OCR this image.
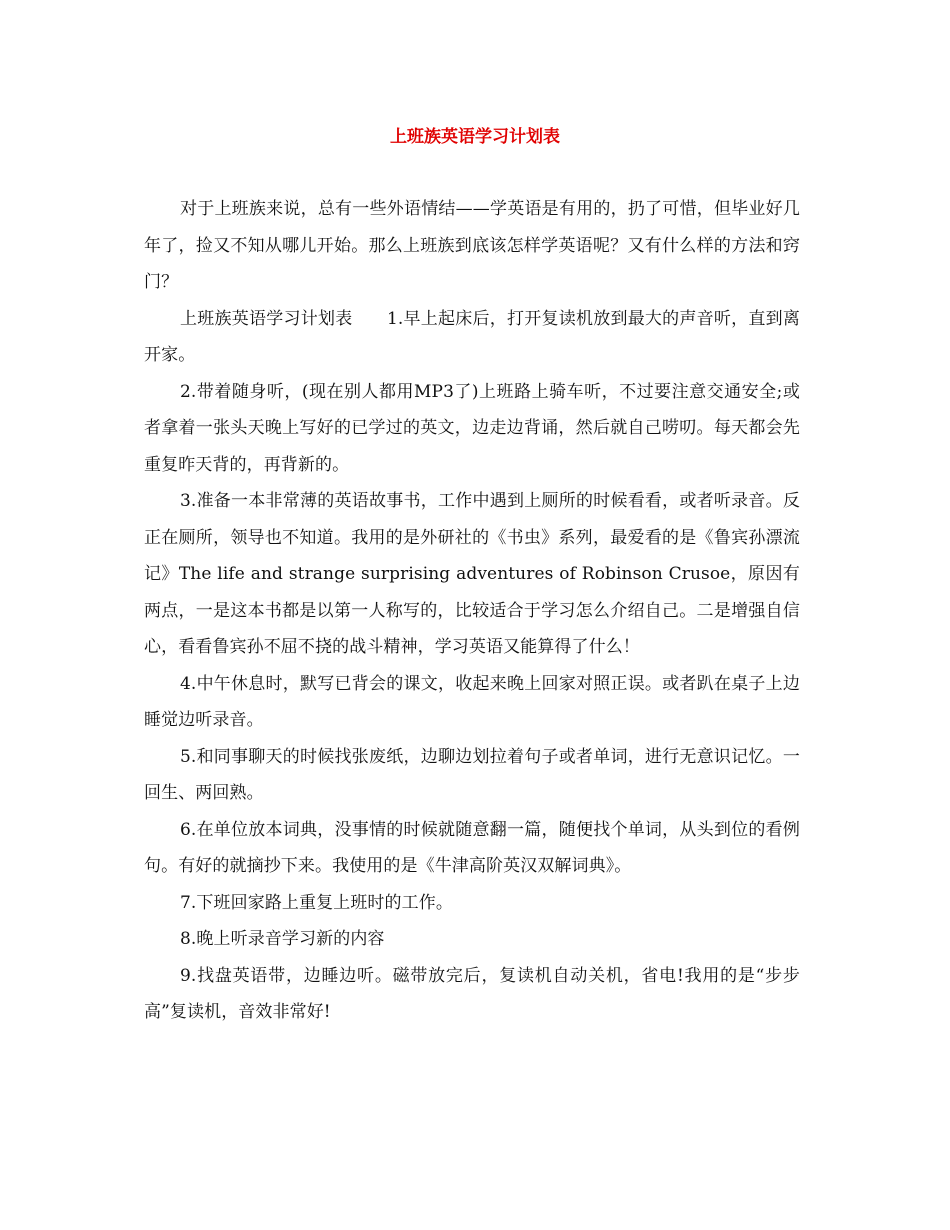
上班族英语学习计划表

对于上班族来说，总有一些外语情结——学英语是有用的，扔了可惜，但毕业好几年了，捡又不知从哪儿开始。那么上班族到底该怎样学英语呢？又有什么样的方法和窍门？

上班族英语学习计划表　　1.早上起床后，打开复读机放到最大的声音听，直到离开家。

2.带着随身听，(现在别人都用MP3了)上班路上骑车听，不过要注意交通安全;或者拿着一张头天晚上写好的已学过的英文，边走边背诵，然后就自己唠叨。每天都会先重复昨天背的，再背新的。

3.准备一本非常薄的英语故事书，工作中遇到上厕所的时候看看，或者听录音。反正在厕所，领导也不知道。我用的是外研社的《书虫》系列，最爱看的是《鲁宾孙漂流记》The life and strange surprising adventures of Robinson Crusoe，原因有两点，一是这本书都是以第一人称写的，比较适合于学习怎么介绍自己。二是增强自信心，看看鲁宾孙不屈不挠的战斗精神，学习英语又能算得了什么！

4.中午休息时，默写已背会的课文，收起来晚上回家对照正误。或者趴在桌子上边睡觉边听录音。

5.和同事聊天的时候找张废纸，边聊边划拉着句子或者单词，进行无意识记忆。一回生、两回熟。

6.在单位放本词典，没事情的时候就随意翻一篇，随便找个单词，从头到位的看例句。有好的就摘抄下来。我使用的是《牛津高阶英汉双解词典》。

7.下班回家路上重复上班时的工作。

8.晚上听录音学习新的内容

9.找盘英语带，边睡边听。磁带放完后，复读机自动关机，省电!我用的是“步步高”复读机，音效非常好!
